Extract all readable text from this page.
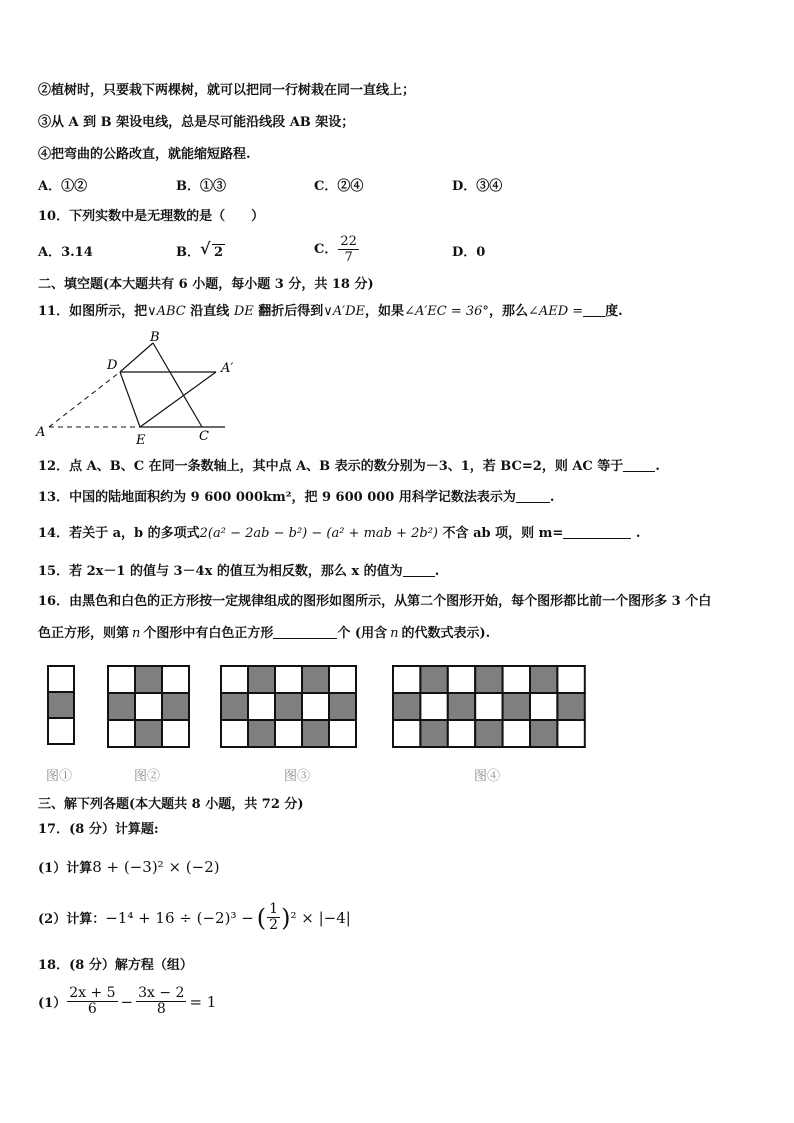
②植树时，只要栽下两棵树，就可以把同一行树栽在同一直线上；
③从 A 到 B 架设电线，总是尽可能沿线段 AB 架设；
④把弯曲的公路改直，就能缩短路程.
A．①②	B．①③	C．②④	D．③④
10．下列实数中是无理数的是（　　）
A．3.14	B． √ 2	C． $\frac{22}{7}$	D．0
二、填空题(本大题共有 6 小题，每小题 3 分，共 18 分)
11．如图所示，把∨ABC 沿直线 DE 翻折后得到∨A′DE，如果∠A′EC = 36°，那么∠AED = 度.
B
D	A′
A
E	C
12．点 A、B、C 在同一条数轴上，其中点 A、B 表示的数分别为－3、1，若 BC=2，则 AC 等于 .
13．中国的陆地面积约为 9 600 000km²，把 9 600 000 用科学记数法表示为	.
14．若关于 a，b 的多项式2(a² − 2ab − b²) − (a² + mab + 2b²) 不含 ab 项，则 m=	.
15．若 2x－1 的值与 3－4x 的值互为相反数，那么 x 的值为 .
16．由黑色和白色的正方形按一定规律组成的图形如图所示，从第二个图形开始，每个图形都比前一个图形多 3 个白
色正方形，则第 n 个图形中有白色正方形	个 (用含 n 的代数式表示).
图①	图②	图③	图④
三、解下列各题(本大题共 8 小题，共 72 分)
17．(8 分）计算题:
(1）计算8 + (−3)² × (−2)
(2）计算： −1⁴ + 16 ÷ (−2)³ − ( $\frac{1}{2}$ ) ² × |−4|
18．(8 分）解方程（组）
$(1) \frac{2x + 5}{6} - \frac{3x - 2}{8} = 1$
